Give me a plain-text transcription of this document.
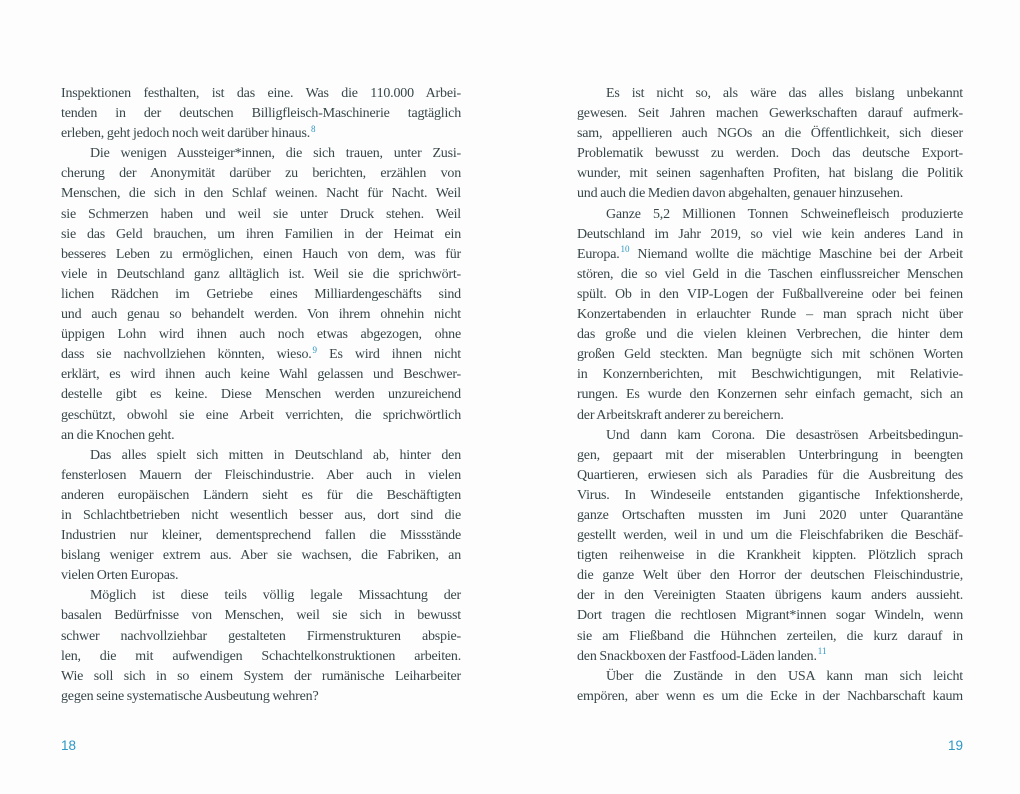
Inspektionen festhalten, ist das eine. Was die 110.000 Arbei-
tenden in der deutschen Billigfleisch-Maschinerie tagtäglich
erleben, geht jedoch noch weit darüber hinaus.$^8$
Die wenigen Aussteiger*innen, die sich trauen, unter Zusi-
cherung der Anonymität darüber zu berichten, erzählen von
Menschen, die sich in den Schlaf weinen. Nacht für Nacht. Weil
sie Schmerzen haben und weil sie unter Druck stehen. Weil
sie das Geld brauchen, um ihren Familien in der Heimat ein
besseres Leben zu ermöglichen, einen Hauch von dem, was für
viele in Deutschland ganz alltäglich ist. Weil sie die sprichwört-
lichen Rädchen im Getriebe eines Milliardengeschäfts sind
und auch genau so behandelt werden. Von ihrem ohnehin nicht
üppigen Lohn wird ihnen auch noch etwas abgezogen, ohne
dass sie nachvollziehen könnten, wieso.$^9$ Es wird ihnen nicht
erklärt, es wird ihnen auch keine Wahl gelassen und Beschwer-
destelle gibt es keine. Diese Menschen werden unzureichend
geschützt, obwohl sie eine Arbeit verrichten, die sprichwörtlich
an die Knochen geht.
Das alles spielt sich mitten in Deutschland ab, hinter den
fensterlosen Mauern der Fleischindustrie. Aber auch in vielen
anderen europäischen Ländern sieht es für die Beschäftigten
in Schlachtbetrieben nicht wesentlich besser aus, dort sind die
Industrien nur kleiner, dementsprechend fallen die Missstände
bislang weniger extrem aus. Aber sie wachsen, die Fabriken, an
vielen Orten Europas.
Möglich ist diese teils völlig legale Missachtung der
basalen Bedürfnisse von Menschen, weil sie sich in bewusst
schwer nachvollziehbar gestalteten Firmenstrukturen abspie-
len, die mit aufwendigen Schachtelkonstruktionen arbeiten.
Wie soll sich in so einem System der rumänische Leiharbeiter
gegen seine systematische Ausbeutung wehren?
Es ist nicht so, als wäre das alles bislang unbekannt
gewesen. Seit Jahren machen Gewerkschaften darauf aufmerk-
sam, appellieren auch NGOs an die Öffentlichkeit, sich dieser
Problematik bewusst zu werden. Doch das deutsche Export-
wunder, mit seinen sagenhaften Profiten, hat bislang die Politik
und auch die Medien davon abgehalten, genauer hinzusehen.
Ganze 5,2 Millionen Tonnen Schweinefleisch produzierte
Deutschland im Jahr 2019, so viel wie kein anderes Land in
Europa.$^{10}$ Niemand wollte die mächtige Maschine bei der Arbeit
stören, die so viel Geld in die Taschen einflussreicher Menschen
spült. Ob in den VIP-Logen der Fußballvereine oder bei feinen
Konzertabenden in erlauchter Runde – man sprach nicht über
das große und die vielen kleinen Verbrechen, die hinter dem
großen Geld steckten. Man begnügte sich mit schönen Worten
in Konzernberichten, mit Beschwichtigungen, mit Relativie-
rungen. Es wurde den Konzernen sehr einfach gemacht, sich an
der Arbeitskraft anderer zu bereichern.
Und dann kam Corona. Die desaströsen Arbeitsbedingun-
gen, gepaart mit der miserablen Unterbringung in beengten
Quartieren, erwiesen sich als Paradies für die Ausbreitung des
Virus. In Windeseile entstanden gigantische Infektionsherde,
ganze Ortschaften mussten im Juni 2020 unter Quarantäne
gestellt werden, weil in und um die Fleischfabriken die Beschäf-
tigten reihenweise in die Krankheit kippten. Plötzlich sprach
die ganze Welt über den Horror der deutschen Fleischindustrie,
der in den Vereinigten Staaten übrigens kaum anders aussieht.
Dort tragen die rechtlosen Migrant*innen sogar Windeln, wenn
sie am Fließband die Hühnchen zerteilen, die kurz darauf in
den Snackboxen der Fastfood-Läden landen.$^{11}$
Über die Zustände in den USA kann man sich leicht
empören, aber wenn es um die Ecke in der Nachbarschaft kaum
18	19
